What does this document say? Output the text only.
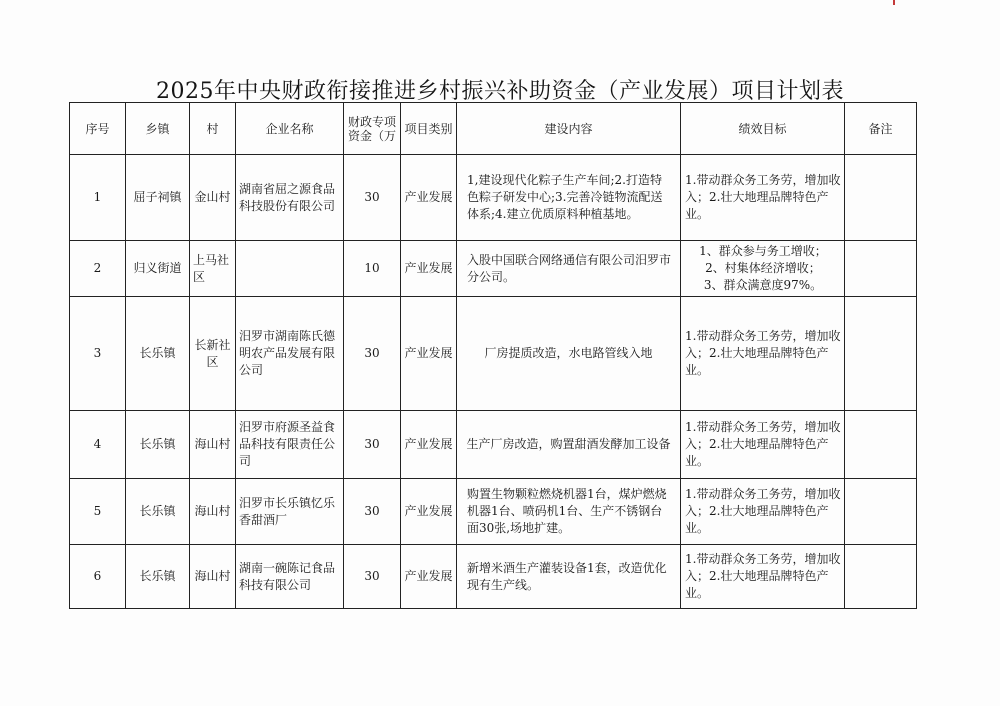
2025年中央财政衔接推进乡村振兴补助资金（产业发展）项目计划表
序号	乡镇	村	企业名称	财政专项资金（万	项目类别	建设内容	绩效目标	备注
1	屈子祠镇	金山村	湖南省屈之源食品科技股份有限公司	30	产业发展	1,建设现代化粽子生产车间;2.打造特色粽子研发中心;3.完善冷链物流配送体系;4.建立优质原料种植基地。	1.带动群众务工务劳，增加收入；2.壮大地理品牌特色产业。	

2	归义街道	上马社区		10	产业发展	入股中国联合网络通信有限公司汨罗市分公司。	1、群众参与务工增收；
2、村集体经济增收；
3、群众满意度97%。	

3	长乐镇	长新社区	汨罗市湖南陈氏德明农产品发展有限公司	30	产业发展	厂房提质改造，水电路管线入地	1.带动群众务工务劳，增加收入；2.壮大地理品牌特色产业。	

4	长乐镇	海山村	汨罗市府源圣益食品科技有限责任公司	30	产业发展	生产厂房改造，购置甜酒发酵加工设备	1.带动群众务工务劳，增加收入；2.壮大地理品牌特色产业。	

5	长乐镇	海山村	汨罗市长乐镇忆乐香甜酒厂	30	产业发展	购置生物颗粒燃烧机器1台，煤炉燃烧机器1台、喷码机1台、生产不锈钢台面30张,场地扩建。	1.带动群众务工务劳，增加收入；2.壮大地理品牌特色产业。	

6	长乐镇	海山村	湖南一碗陈记食品科技有限公司	30	产业发展	新增米酒生产灌装设备1套，改造优化现有生产线。	1.带动群众务工务劳，增加收入；2.壮大地理品牌特色产业。	
